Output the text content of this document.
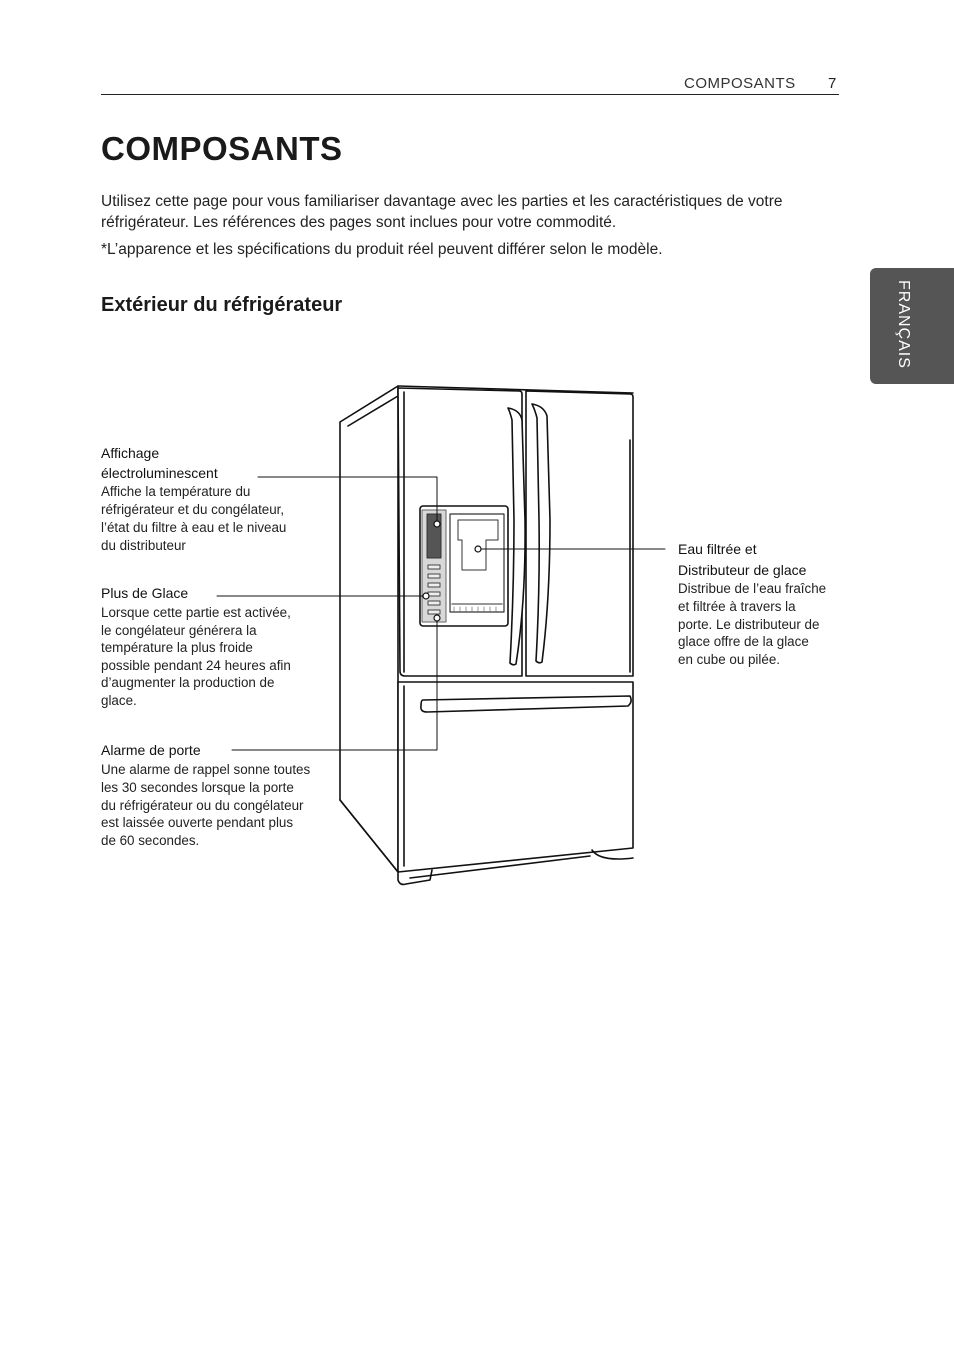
COMPOSANTS 7
FRANÇAIS
COMPOSANTS

Utilisez cette page pour vous familiariser davantage avec les parties et les caractéristiques de votre

réfrigérateur. Les références des pages sont inclues pour votre commodité.

*L’apparence et les spécifications du produit réel peuvent différer selon le modèle.

Extérieur du réfrigérateur
Affichage
électroluminescent
Affiche la température du
réfrigérateur et du congélateur,
l’état du filtre à eau et le niveau
du distributeur
Plus de Glace
Lorsque cette partie est activée,
le congélateur générera la
température la plus froide
possible pendant 24 heures afin
d’augmenter la production de
glace.
Alarme de porte
Une alarme de rappel sonne toutes
les 30 secondes lorsque la porte
du réfrigérateur ou du congélateur
est laissée ouverte pendant plus
de 60 secondes.
Eau filtrée et
Distributeur de glace
Distribue de l’eau fraîche
et filtrée à travers la
porte. Le distributeur de
glace offre de la glace
en cube ou pilée.
